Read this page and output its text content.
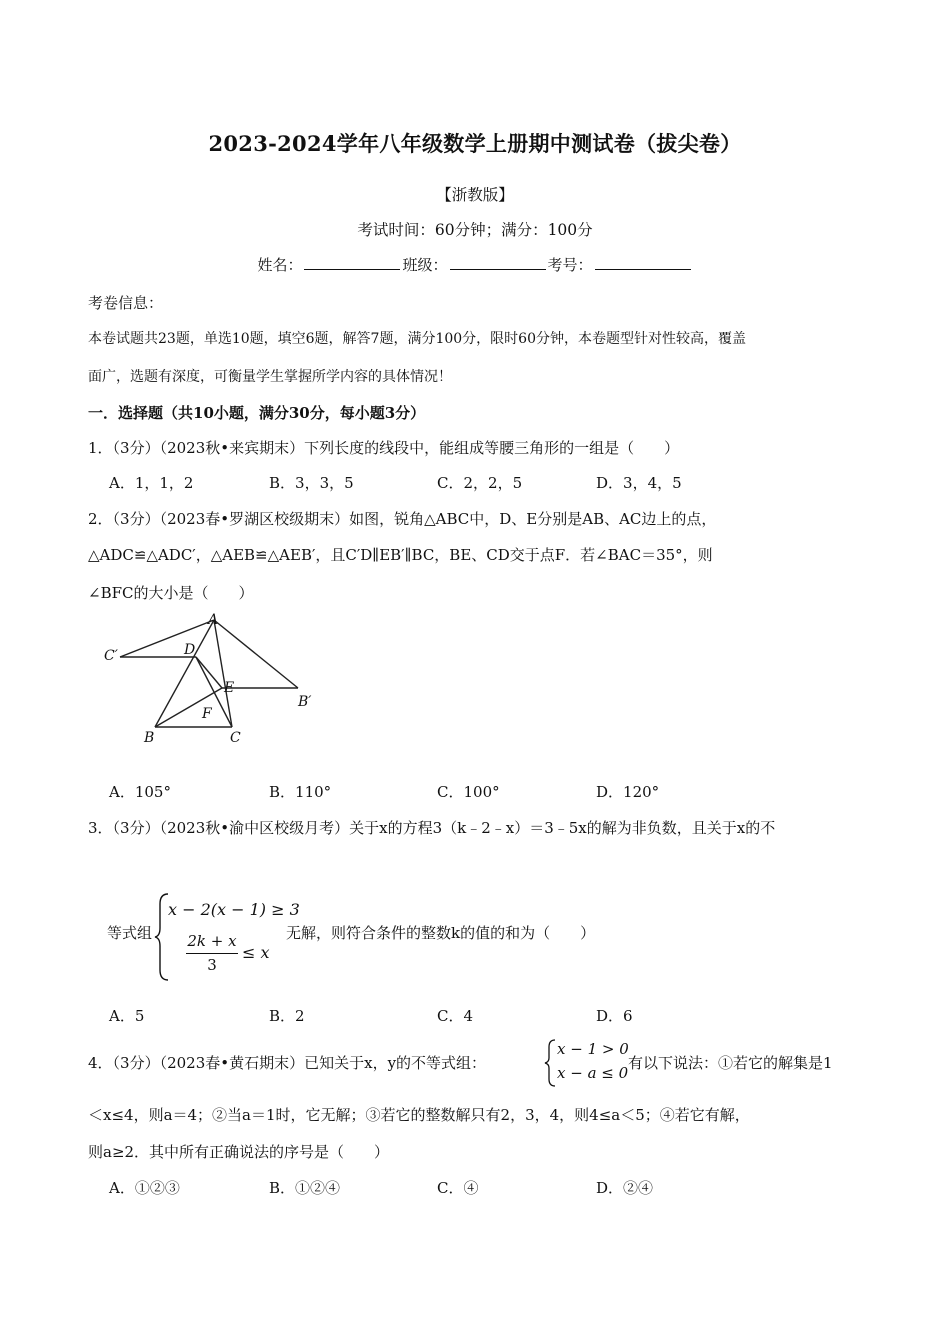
2023-2024学年八年级数学上册期中测试卷（拔尖卷）
【浙教版】
考试时间：60分钟；满分：100分
姓名：	班级：	考号：
考卷信息：
本卷试题共23题，单选10题，填空6题，解答7题，满分100分，限时60分钟，本卷题型针对性较高，覆盖
面广，选题有深度，可衡量学生掌握所学内容的具体情况！
一．选择题（共10小题，满分30分，每小题3分）
1．（3分）（2023秋•来宾期末）下列长度的线段中，能组成等腰三角形的一组是（　　）
A．1，1，2	B．3，3，5	C．2，2，5	D．3，4，5
2．（3分）（2023春•罗湖区校级期末）如图，锐角△ABC中，D、E分别是AB、AC边上的点，
△ADC≌△ADC′，△AEB≌△AEB′，且C′D∥EB′∥BC，BE、CD交于点F．若∠BAC＝35°，则
∠BFC的大小是（　　）
A
C′	D
E
F
B′
B	C
A．105°	B．110°	C．100°	D．120°
3．（3分）（2023秋•渝中区校级月考）关于x的方程3（k﹣2﹣x）＝3﹣5x的解为非负数，且关于x的不
等式组
x − 2(x − 1) ≥ 3
2k + x
3
≤ x
无解，则符合条件的整数k的值的和为（　　）
A．5	B．2	C．4	D．6
4．（3分）（2023春•黄石期末）已知关于x，y的不等式组：
x − 1 > 0
x − a ≤ 0
有以下说法：①若它的解集是1
＜x≤4，则a＝4；②当a＝1时，它无解；③若它的整数解只有2，3，4，则4≤a＜5；④若它有解，
则a≥2．其中所有正确说法的序号是（　　）
A．①②③	B．①②④	C．④	D．②④
